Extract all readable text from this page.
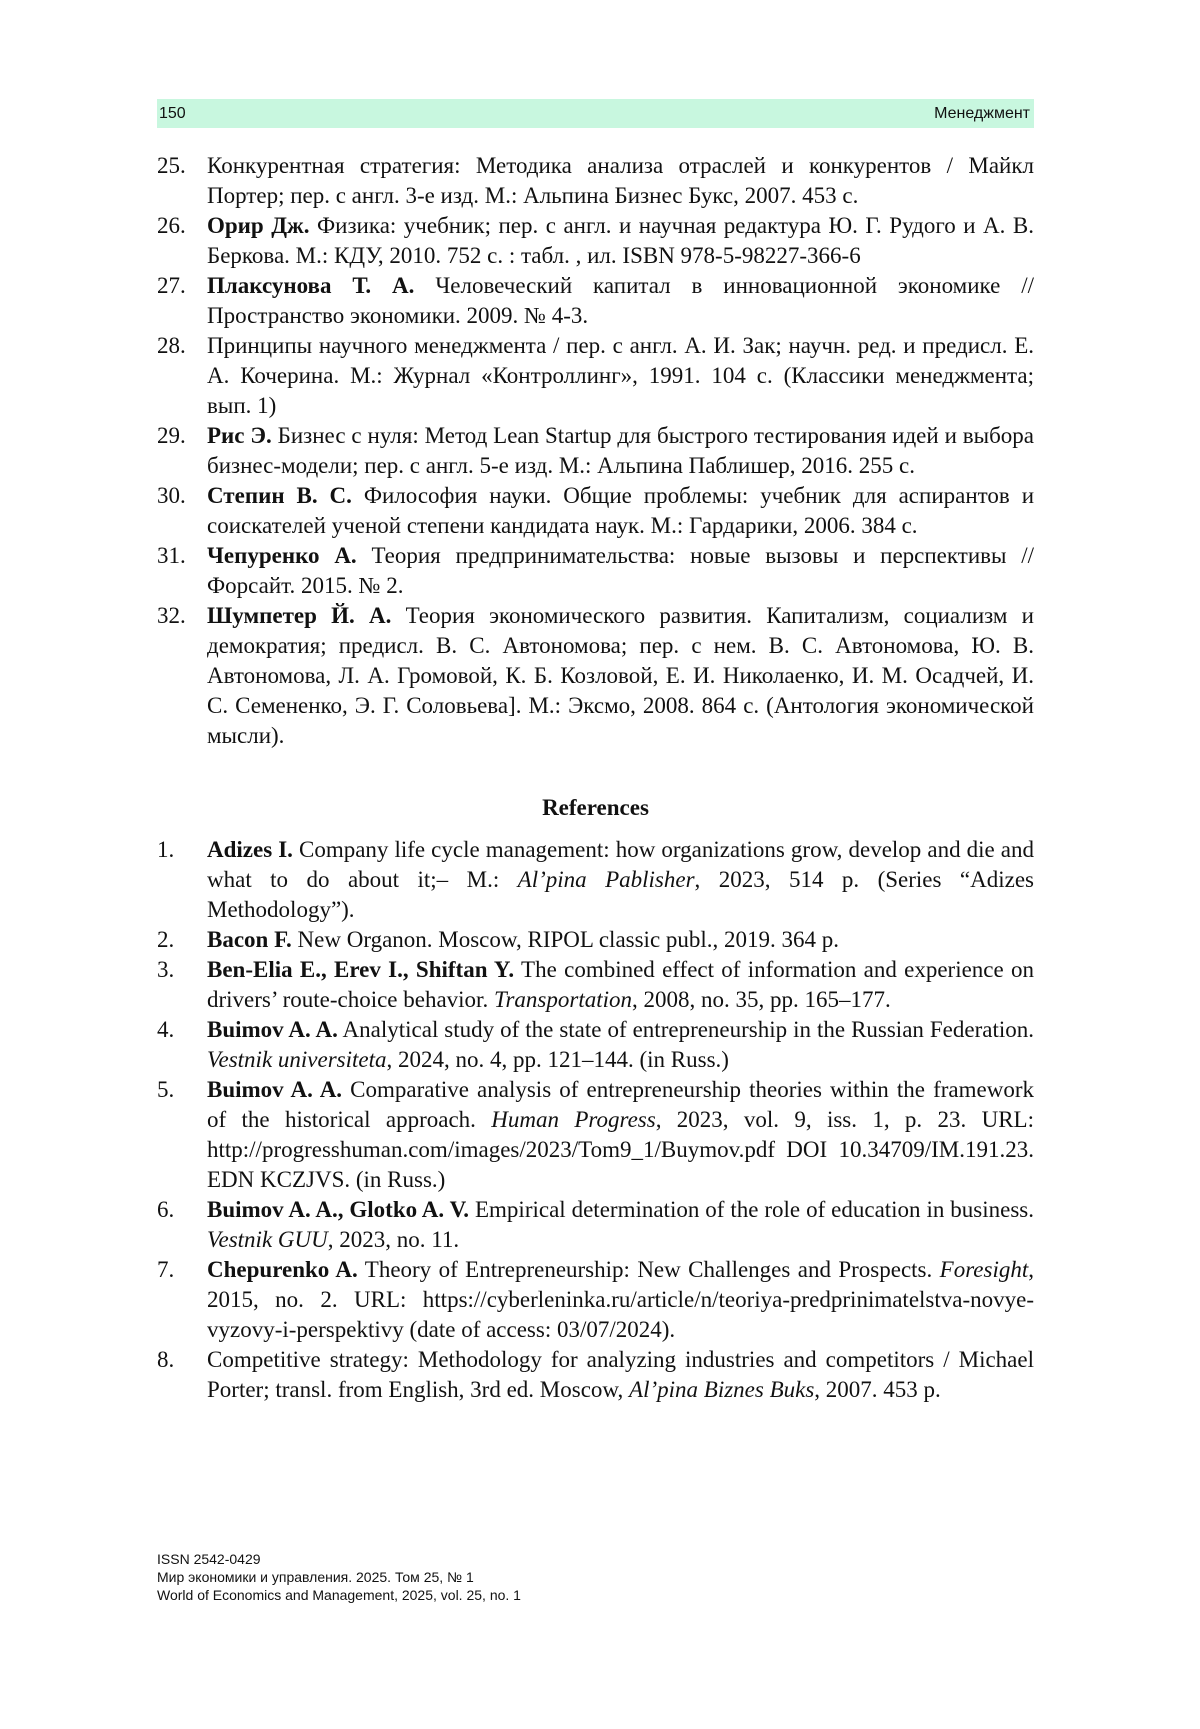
150	Менеджмент
25. Конкурентная стратегия: Методика анализа отраслей и конкурентов / Майкл Портер; пер. с англ. 3-е изд. М.: Альпина Бизнес Букс, 2007. 453 с.
26. Орир Дж. Физика: учебник; пер. с англ. и научная редактура Ю. Г. Рудого и А. В. Беркова. М.: КДУ, 2010. 752 с. : табл. , ил. ISBN 978-5-98227-366-6
27. Плаксунова Т. А. Человеческий капитал в инновационной экономике // Пространство экономики. 2009. № 4-3.
28. Принципы научного менеджмента / пер. с англ. А. И. Зак; научн. ред. и предисл. Е. А. Кочерина. М.: Журнал «Контроллинг», 1991. 104 с. (Классики менеджмента; вып. 1)
29. Рис Э. Бизнес с нуля: Метод Lean Startup для быстрого тестирования идей и выбора бизнес-модели; пер. с англ. 5-е изд. М.: Альпина Паблишер, 2016. 255 с.
30. Степин В. С. Философия науки. Общие проблемы: учебник для аспирантов и соискателей ученой степени кандидата наук. М.: Гардарики, 2006. 384 с.
31. Чепуренко А. Теория предпринимательства: новые вызовы и перспективы // Форсайт. 2015. № 2.
32. Шумпетер Й. А. Теория экономического развития. Капитализм, социализм и демократия; предисл. В. С. Автономова; пер. с нем. В. С. Автономова, Ю. В. Автономова, Л. А. Громовой, К. Б. Козловой, Е. И. Николаенко, И. М. Осадчей, И. С. Семененко, Э. Г. Соловьева]. М.: Эксмо, 2008. 864 с. (Антология экономической мысли).
References
1.	Adizes I. Company life cycle management: how organizations grow, develop and die and what to do about it;– M.: Al’pina Pablisher, 2023, 514 p. (Series “Adizes Methodology”).
2.	Bacon F. New Organon. Moscow, RIPOL classic publ., 2019. 364 p.
3.	Ben-Elia E., Erev I., Shiftan Y. The combined effect of information and experience on drivers’ route-choice behavior. Transportation, 2008, no. 35, pp. 165–177.
4.	Buimov A. A. Analytical study of the state of entrepreneurship in the Russian Federation. Vestnik universiteta, 2024, no. 4, pp. 121–144. (in Russ.)
5.	Buimov A. A. Comparative analysis of entrepreneurship theories within the framework of the historical approach. Human Progress, 2023, vol. 9, iss. 1, p. 23. URL: http://progresshuman.com/images/2023/Tom9_1/Buymov.pdf DOI 10.34709/IM.191.23. EDN KCZJVS. (in Russ.)
6.	Buimov A. A., Glotko A. V. Empirical determination of the role of education in business. Vestnik GUU, 2023, no. 11.
7.	Chepurenko A. Theory of Entrepreneurship: New Challenges and Prospects. Foresight, 2015, no. 2. URL: https://cyberleninka.ru/article/n/teoriya-predprinimatelstva-novye-vyzovy-i-perspektivy (date of access: 03/07/2024).
8.	Competitive strategy: Methodology for analyzing industries and competitors / Michael Porter; transl. from English, 3rd ed. Moscow, Al’pina Biznes Buks, 2007. 453 p.
ISSN 2542-0429
Мир экономики и управления. 2025. Том 25, № 1
World of Economics and Management, 2025, vol. 25, no. 1
